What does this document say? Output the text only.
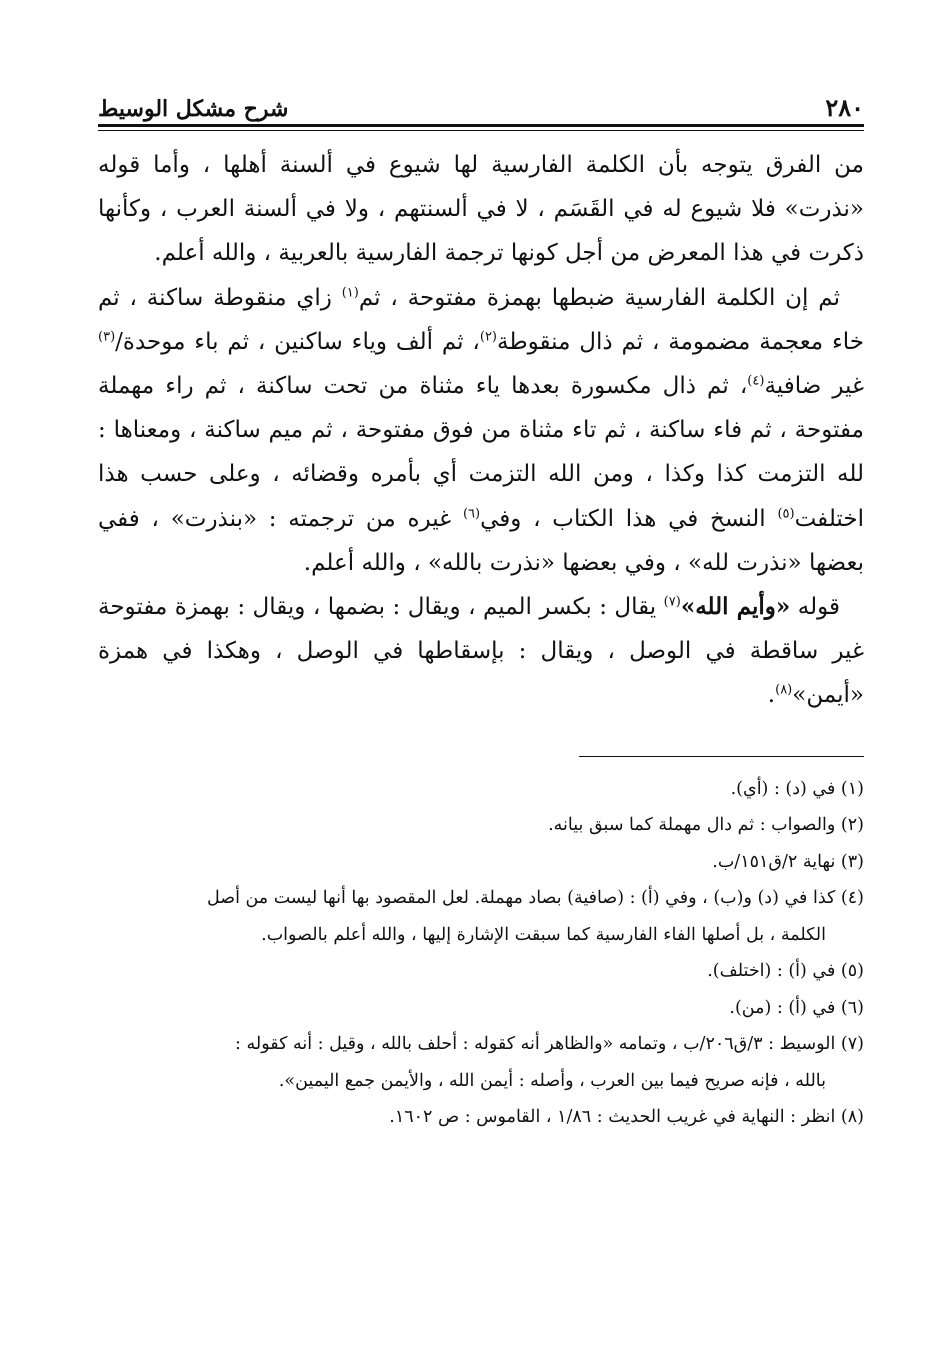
٢٨٠
شرح مشكل الوسيط

من الفرق يتوجه بأن الكلمة الفارسية لها شيوع في ألسنة أهلها ، وأما قوله «نذرت» فلا شيوع له في القَسَم ، لا في ألسنتهم ، ولا في ألسنة العرب ، وكأنها ذكرت في هذا المعرض من أجل كونها ترجمة الفارسية بالعربية ، والله أعلم.

ثم إن الكلمة الفارسية ضبطها بهمزة مفتوحة ، ثم$^{(١)}$ زاي منقوطة ساكنة ، ثم خاء معجمة مضمومة ، ثم ذال منقوطة$^{(٢)}$، ثم ألف وياء ساكنين ، ثم باء موحدة/$^{(٣)}$ غير ضافية$^{(٤)}$، ثم ذال مكسورة بعدها ياء مثناة من تحت ساكنة ، ثم راء مهملة مفتوحة ، ثم فاء ساكنة ، ثم تاء مثناة من فوق مفتوحة ، ثم ميم ساكنة ، ومعناها : لله التزمت كذا وكذا ، ومن الله التزمت أي بأمره وقضائه ، وعلى حسب هذا اختلفت$^{(٥)}$ النسخ في هذا الكتاب ، وفي$^{(٦)}$ غيره من ترجمته : «بنذرت» ، ففي بعضها «نذرت لله» ، وفي بعضها «نذرت بالله» ، والله أعلم.

قوله «وأيم الله»$^{(٧)}$ يقال : بكسر الميم ، ويقال : بضمها ، ويقال : بهمزة مفتوحة غير ساقطة في الوصل ، ويقال : بإسقاطها في الوصل ، وهكذا في همزة «أيمن»$^{(٨)}$.

(١) في (د) : (أي).

(٢) والصواب : ثم دال مهملة كما سبق بيانه.

(٣) نهاية ٢/ق١٥١/ب.

(٤) كذا في (د) و(ب) ، وفي (أ) : (صافية) بصاد مهملة. لعل المقصود بها أنها ليست من أصل

الكلمة ، بل أصلها الفاء الفارسية كما سبقت الإشارة إليها ، والله أعلم بالصواب.

(٥) في (أ) : (اختلف).

(٦) في (أ) : (من).

(٧) الوسيط : ٣/ق٢٠٦/ب ، وتمامه «والظاهر أنه كقوله : أحلف بالله ، وقيل : أنه كقوله :

بالله ، فإنه صريح فيما بين العرب ، وأصله : أيمن الله ، والأيمن جمع اليمين».

(٨) انظر : النهاية في غريب الحديث : ١/٨٦ ، القاموس : ص ١٦٠٢.
